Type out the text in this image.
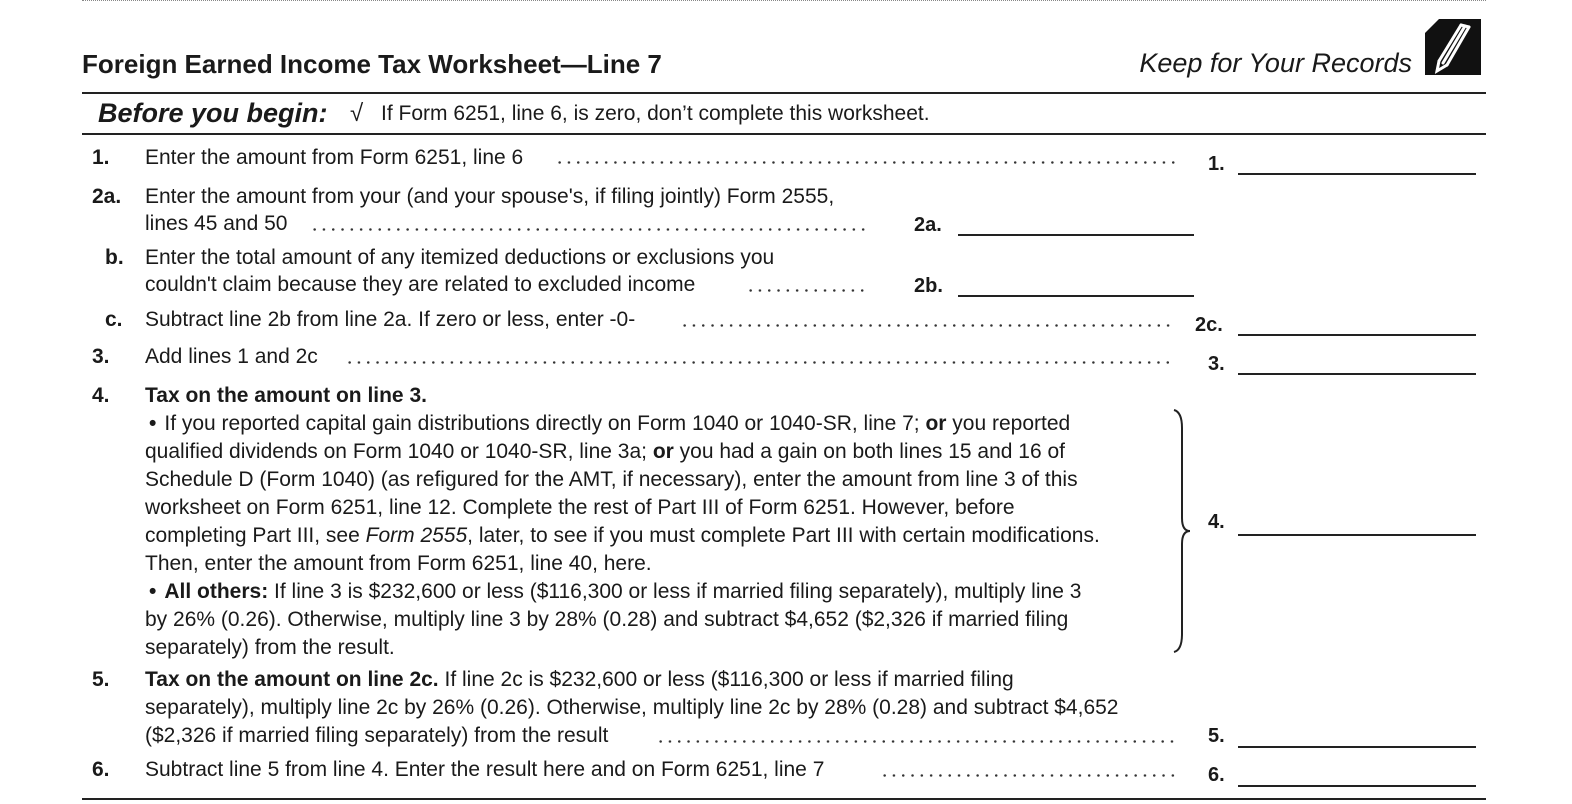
Foreign Earned Income Tax Worksheet—Line 7	Keep for Your Records
Before you begin: √ If Form 6251, line 6, is zero, don’t complete this worksheet.
1. Enter the amount from Form 6251, line 6	1.
2a. Enter the amount from your (and your spouse's, if filing jointly) Form 2555,
lines 45 and 50	2a.
b. Enter the total amount of any itemized deductions or exclusions you
couldn't claim because they are related to excluded income	2b.
c. Subtract line 2b from line 2a. If zero or less, enter -0-	2c.
3. Add lines 1 and 2c	3.
4. Tax on the amount on line 3.
• If you reported capital gain distributions directly on Form 1040 or 1040-SR, line 7; or you reported
qualified dividends on Form 1040 or 1040-SR, line 3a; or you had a gain on both lines 15 and 16 of
Schedule D (Form 1040) (as refigured for the AMT, if necessary), enter the amount from line 3 of this
worksheet on Form 6251, line 12. Complete the rest of Part III of Form 6251. However, before
completing Part III, see Form 2555, later, to see if you must complete Part III with certain modifications.
Then, enter the amount from Form 6251, line 40, here.
• All others: If line 3 is $232,600 or less ($116,300 or less if married filing separately), multiply line 3
by 26% (0.26). Otherwise, multiply line 3 by 28% (0.28) and subtract $4,652 ($2,326 if married filing
separately) from the result.
4.
5. Tax on the amount on line 2c. If line 2c is $232,600 or less ($116,300 or less if married filing
separately), multiply line 2c by 26% (0.26). Otherwise, multiply line 2c by 28% (0.28) and subtract $4,652
($2,326 if married filing separately) from the result	5.
6. Subtract line 5 from line 4. Enter the result here and on Form 6251, line 7	6.
